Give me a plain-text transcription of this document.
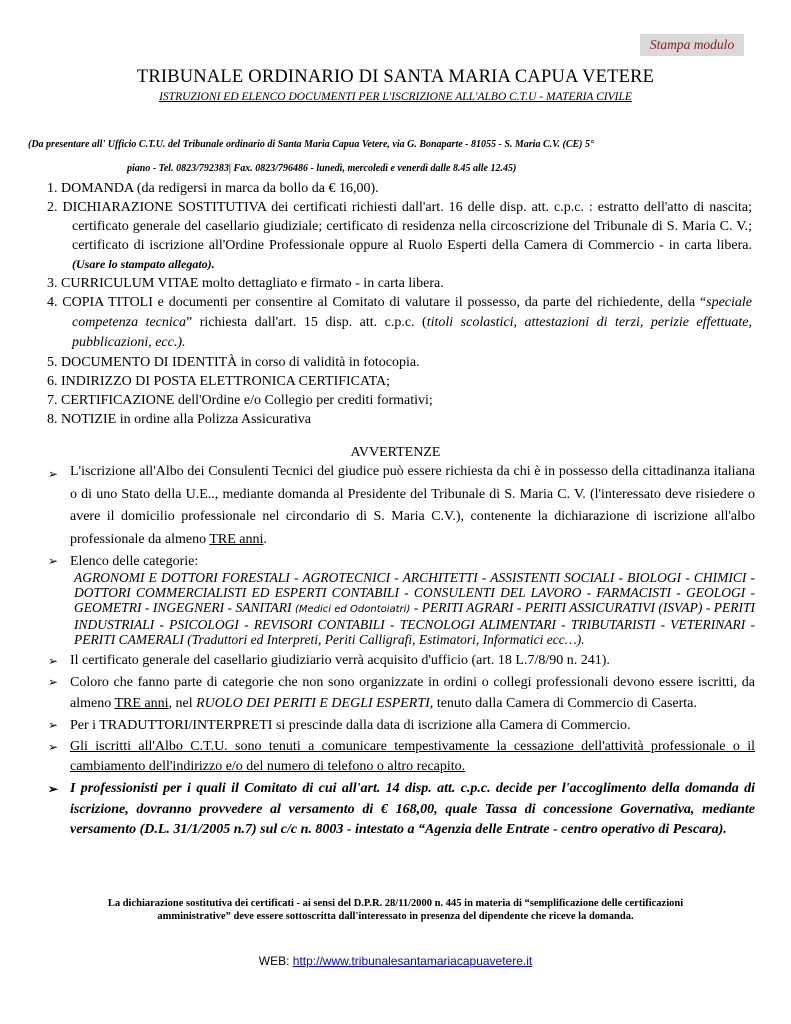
Stampa modulo
TRIBUNALE ORDINARIO DI SANTA MARIA CAPUA VETERE
ISTRUZIONI ED ELENCO DOCUMENTI PER L'ISCRIZIONE ALL'ALBO C.T.U - MATERIA CIVILE
(Da presentare all' Ufficio C.T.U. del Tribunale ordinario di Santa Maria Capua Vetere, via G. Bonaparte - 81055 - S. Maria C.V. (CE) 5°
piano - Tel. 0823/792383| Fax. 0823/796486 - lunedì, mercoledì e venerdì dalle 8.45 alle 12.45)
1. DOMANDA (da redigersi in marca da bollo da € 16,00).
2. DICHIARAZIONE SOSTITUTIVA dei certificati richiesti dall'art. 16 delle disp. att. c.p.c. : estratto dell'atto di nascita; certificato generale del casellario giudiziale; certificato di residenza nella circoscrizione del Tribunale di S. Maria C. V.; certificato di iscrizione all'Ordine Professionale oppure al Ruolo Esperti della Camera di Commercio - in carta libera. (Usare lo stampato allegato).
3. CURRICULUM VITAE molto dettagliato e firmato - in carta libera.
4. COPIA TITOLI e documenti per consentire al Comitato di valutare il possesso, da parte del richiedente, della “speciale competenza tecnica” richiesta dall'art. 15 disp. att. c.p.c. (titoli scolastici, attestazioni di terzi, perizie effettuate, pubblicazioni, ecc.).
5. DOCUMENTO DI IDENTITÀ in corso di validità in fotocopia.
6. INDIRIZZO DI POSTA ELETTRONICA CERTIFICATA;
7. CERTIFICAZIONE dell'Ordine e/o Collegio per crediti formativi;
8. NOTIZIE in ordine alla Polizza Assicurativa
AVVERTENZE
➢ L'iscrizione all'Albo dei Consulenti Tecnici del giudice può essere richiesta da chi è in possesso della cittadinanza italiana o di uno Stato della U.E.., mediante domanda al Presidente del Tribunale di S. Maria C. V. (l'interessato deve risiedere o avere il domicilio professionale nel circondario di S. Maria C.V.), contenente la dichiarazione di iscrizione all'albo professionale da almeno TRE anni.
➢ Elenco delle categorie:
AGRONOMI E DOTTORI FORESTALI - AGROTECNICI - ARCHITETTI - ASSISTENTI SOCIALI - BIOLOGI - CHIMICI - DOTTORI COMMERCIALISTI ED ESPERTI CONTABILI - CONSULENTI DEL LAVORO - FARMACISTI - GEOLOGI - GEOMETRI - INGEGNERI - SANITARI (Medici ed Odontoiatri) - PERITI AGRARI - PERITI ASSICURATIVI (ISVAP) - PERITI INDUSTRIALI - PSICOLOGI - REVISORI CONTABILI - TECNOLOGI ALIMENTARI - TRIBUTARISTI - VETERINARI - PERITI CAMERALI (Traduttori ed Interpreti, Periti Calligrafi, Estimatori, Informatici ecc…).
➢ Il certificato generale del casellario giudiziario verrà acquisito d'ufficio (art. 18 L.7/8/90 n. 241).
➢ Coloro che fanno parte di categorie che non sono organizzate in ordini o collegi professionali devono essere iscritti, da almeno TRE anni, nel RUOLO DEI PERITI E DEGLI ESPERTI, tenuto dalla Camera di Commercio di Caserta.
➢ Per i TRADUTTORI/INTERPRETI si prescinde dalla data di iscrizione alla Camera di Commercio.
➢ Gli iscritti all'Albo C.T.U. sono tenuti a comunicare tempestivamente la cessazione dell'attività professionale o il cambiamento dell'indirizzo e/o del numero di telefono o altro recapito.
➢ I professionisti per i quali il Comitato di cui all'art. 14 disp. att. c.p.c. decide per l'accoglimento della domanda di iscrizione, dovranno provvedere al versamento di € 168,00, quale Tassa di concessione Governativa, mediante versamento (D.L. 31/1/2005 n.7) sul c/c n. 8003 - intestato a “Agenzia delle Entrate - centro operativo di Pescara).
La dichiarazione sostitutiva dei certificati - ai sensi del D.P.R. 28/11/2000 n. 445 in materia di “semplificazione delle certificazioni
amministrative” deve essere sottoscritta dall'interessato in presenza del dipendente che riceve la domanda.
WEB: http://www.tribunalesantamariacapuavetere.it
